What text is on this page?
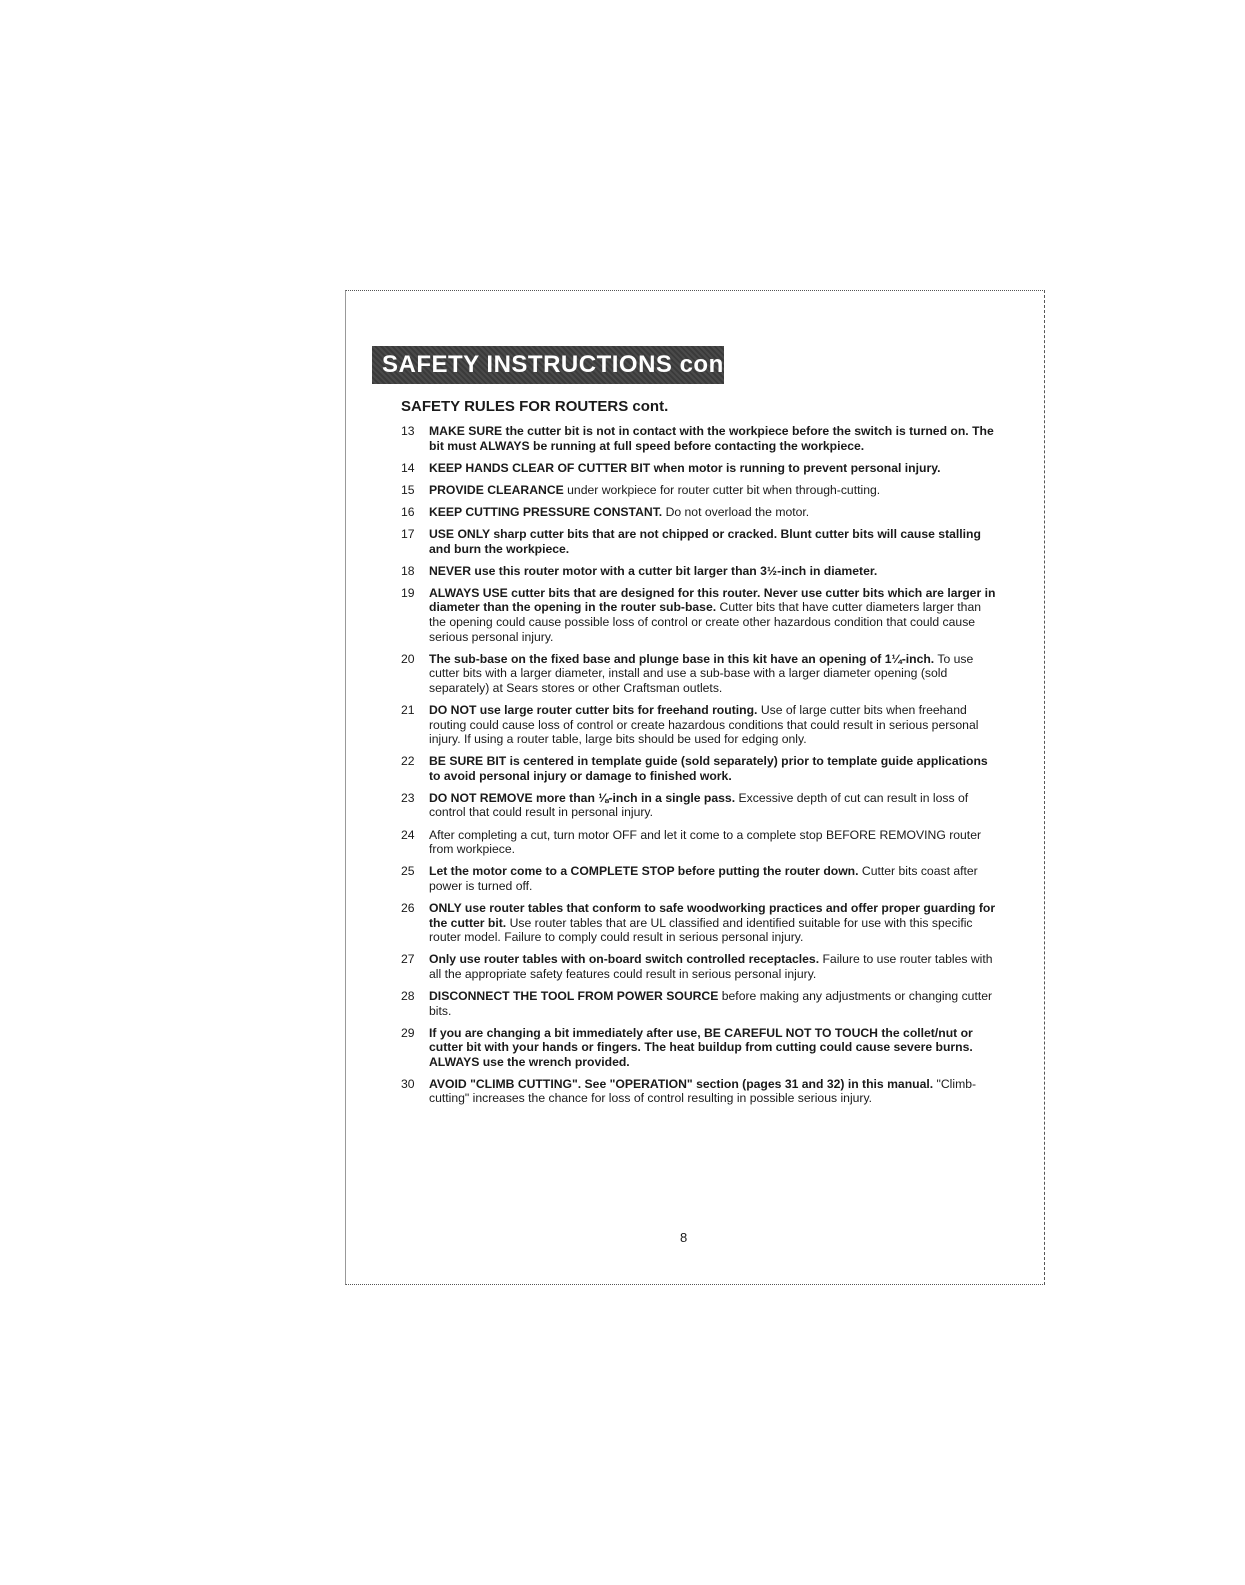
SAFETY INSTRUCTIONS cont.
SAFETY RULES FOR ROUTERS cont.
13	MAKE SURE the cutter bit is not in contact with the workpiece before the switch is turned on. The bit must ALWAYS be running at full speed before contacting the workpiece.
14	KEEP HANDS CLEAR OF CUTTER BIT when motor is running to prevent personal injury.
15	PROVIDE CLEARANCE under workpiece for router cutter bit when through-cutting.
16	KEEP CUTTING PRESSURE CONSTANT. Do not overload the motor.
17	USE ONLY sharp cutter bits that are not chipped or cracked. Blunt cutter bits will cause stalling and burn the workpiece.
18	NEVER use this router motor with a cutter bit larger than 3½-inch in diameter.
19	ALWAYS USE cutter bits that are designed for this router. Never use cutter bits which are larger in diameter than the opening in the router sub-base. Cutter bits that have cutter diameters larger than the opening could cause possible loss of control or create other hazardous condition that could cause serious personal injury.
20	The sub-base on the fixed base and plunge base in this kit have an opening of 1¼-inch. To use cutter bits with a larger diameter, install and use a sub-base with a larger diameter opening (sold separately) at Sears stores or other Craftsman outlets.
21	DO NOT use large router cutter bits for freehand routing. Use of large cutter bits when freehand routing could cause loss of control or create hazardous conditions that could result in serious personal injury. If using a router table, large bits should be used for edging only.
22	BE SURE BIT is centered in template guide (sold separately) prior to template guide applications to avoid personal injury or damage to finished work.
23	DO NOT REMOVE more than ⅛-inch in a single pass. Excessive depth of cut can result in loss of control that could result in personal injury.
24	After completing a cut, turn motor OFF and let it come to a complete stop BEFORE REMOVING router from workpiece.
25	Let the motor come to a COMPLETE STOP before putting the router down. Cutter bits coast after power is turned off.
26	ONLY use router tables that conform to safe woodworking practices and offer proper guarding for the cutter bit. Use router tables that are UL classified and identified suitable for use with this specific router model. Failure to comply could result in serious personal injury.
27	Only use router tables with on-board switch controlled receptacles. Failure to use router tables with all the appropriate safety features could result in serious personal injury.
28	DISCONNECT THE TOOL FROM POWER SOURCE before making any adjustments or changing cutter bits.
29	If you are changing a bit immediately after use, BE CAREFUL NOT TO TOUCH the collet/nut or cutter bit with your hands or fingers. The heat buildup from cutting could cause severe burns. ALWAYS use the wrench provided.
30	AVOID "CLIMB CUTTING". See "OPERATION" section (pages 31 and 32) in this manual. "Climb-cutting" increases the chance for loss of control resulting in possible serious injury.
8
